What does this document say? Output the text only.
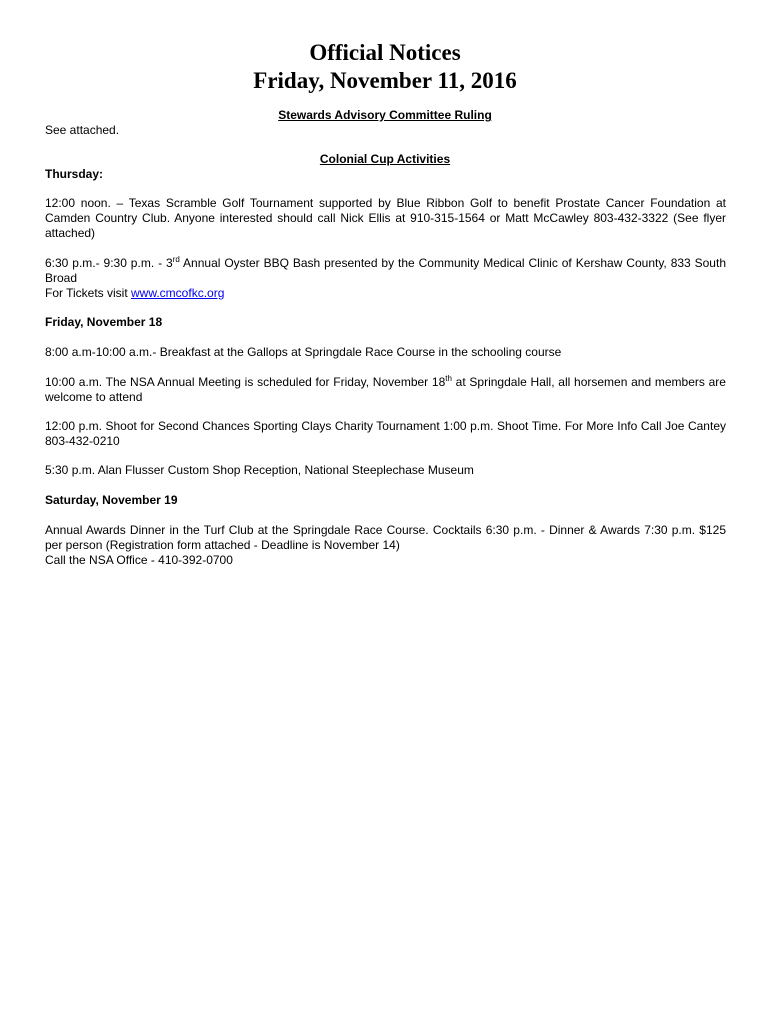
Official Notices
Friday, November 11, 2016
Stewards Advisory Committee Ruling
See attached.
Colonial Cup Activities
Thursday:
12:00 noon. – Texas Scramble Golf Tournament supported by Blue Ribbon Golf to benefit Prostate Cancer Foundation at Camden Country Club. Anyone interested should call Nick Ellis at 910-315-1564 or Matt McCawley 803-432-3322 (See flyer attached)
6:30 p.m.- 9:30 p.m. - 3rd Annual Oyster BBQ Bash presented by the Community Medical Clinic of Kershaw County, 833 South Broad
For Tickets visit www.cmcofkc.org
Friday, November 18
8:00 a.m-10:00 a.m.- Breakfast at the Gallops at Springdale Race Course in the schooling course
10:00 a.m. The NSA Annual Meeting is scheduled for Friday, November 18th at Springdale Hall, all horsemen and members are welcome to attend
12:00 p.m. Shoot for Second Chances Sporting Clays Charity Tournament 1:00 p.m. Shoot Time. For More Info Call Joe Cantey 803-432-0210
5:30 p.m. Alan Flusser Custom Shop Reception, National Steeplechase Museum
Saturday, November 19
Annual Awards Dinner in the Turf Club at the Springdale Race Course. Cocktails 6:30 p.m. - Dinner & Awards 7:30 p.m. $125 per person (Registration form attached - Deadline is November 14)
Call the NSA Office - 410-392-0700
